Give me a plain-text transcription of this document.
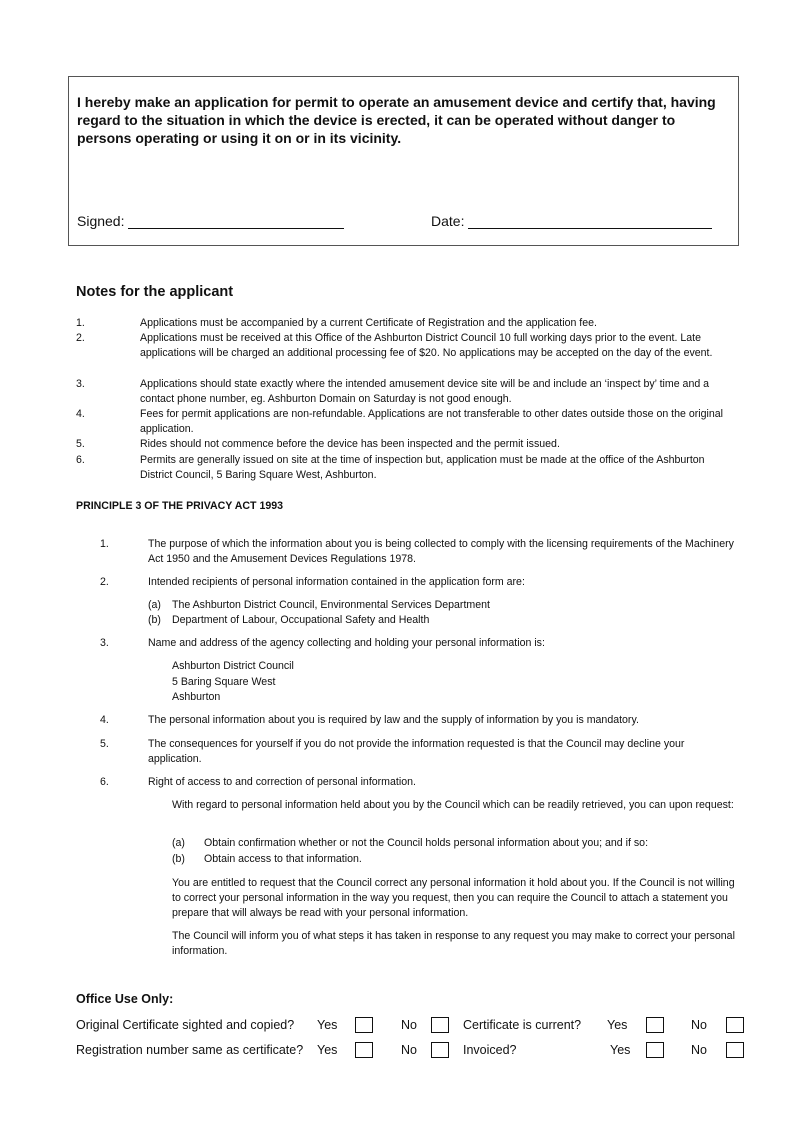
I hereby make an application for permit to operate an amusement device and certify that, having regard to the situation in which the device is erected, it can be operated without danger to persons operating or using it on or in its vicinity.
Signed:	Date:
Notes for the applicant
1.	Applications must be accompanied by a current Certificate of Registration and the application fee.
2.	Applications must be received at this Office of the Ashburton District Council 10 full working days prior to the event. Late applications will be charged an additional processing fee of $20. No applications may be accepted on the day of the event.
3.	Applications should state exactly where the intended amusement device site will be and include an ‘inspect by’ time and a contact phone number, eg. Ashburton Domain on Saturday is not good enough.
4.	Fees for permit applications are non-refundable. Applications are not transferable to other dates outside those on the original application.
5.	Rides should not commence before the device has been inspected and the permit issued.
6.	Permits are generally issued on site at the time of inspection but, application must be made at the office of the Ashburton District Council, 5 Baring Square West, Ashburton.
PRINCIPLE 3 OF THE PRIVACY ACT 1993
1.	The purpose of which the information about you is being collected to comply with the licensing requirements of the Machinery Act 1950 and the Amusement Devices Regulations 1978.
2.	Intended recipients of personal information contained in the application form are:
(a) The Ashburton District Council, Environmental Services Department
(b) Department of Labour, Occupational Safety and Health
3.	Name and address of the agency collecting and holding your personal information is:
Ashburton District Council
5 Baring Square West
Ashburton
4.	The personal information about you is required by law and the supply of information by you is mandatory.
5.	The consequences for yourself if you do not provide the information requested is that the Council may decline your application.
6.	Right of access to and correction of personal information.
With regard to personal information held about you by the Council which can be readily retrieved, you can upon request:
(a) Obtain confirmation whether or not the Council holds personal information about you; and if so:
(b) Obtain access to that information.
You are entitled to request that the Council correct any personal information it hold about you. If the Council is not willing to correct your personal information in the way you request, then you can require the Council to attach a statement you prepare that will always be read with your personal information.
The Council will inform you of what steps it has taken in response to any request you may make to correct your personal information.
Office Use Only:
Original Certificate sighted and copied? Yes	No	Certificate is current? Yes	No
Registration number same as certificate? Yes	No	Invoiced?	Yes	No
